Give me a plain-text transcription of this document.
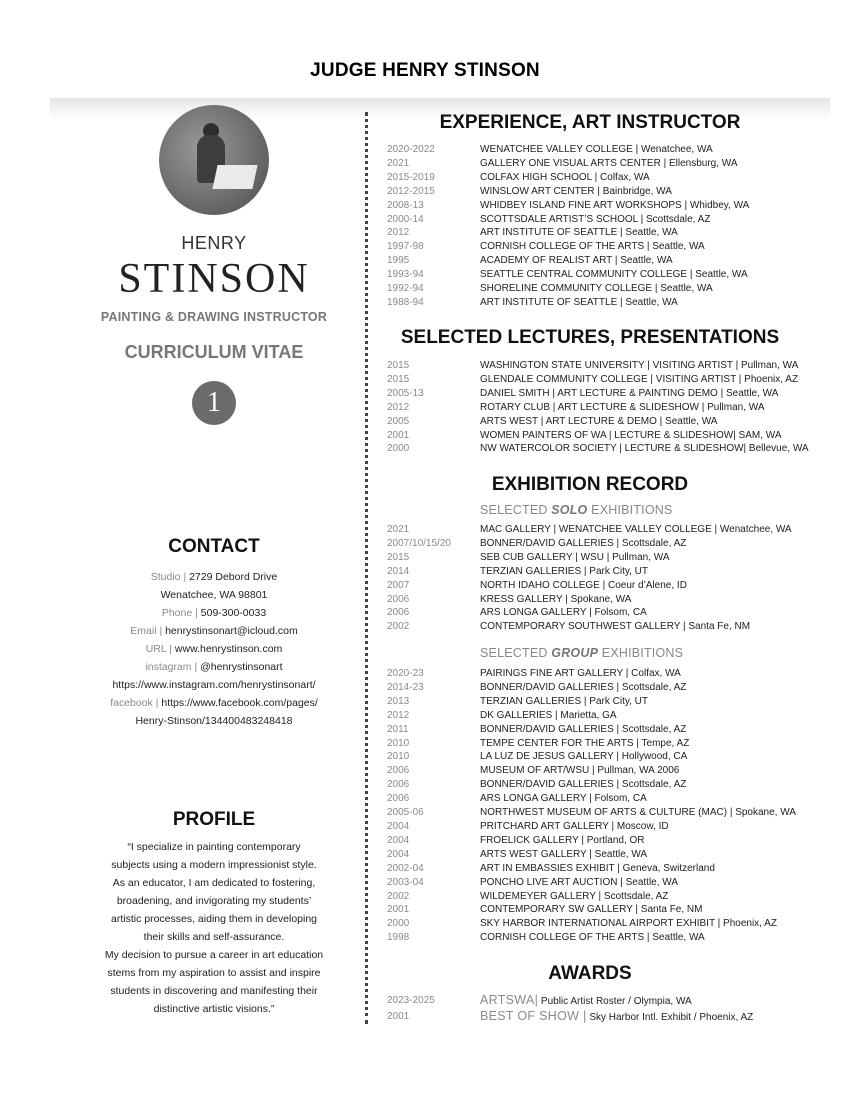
JUDGE HENRY STINSON
HENRY
STINSON
PAINTING & DRAWING INSTRUCTOR
CURRICULUM VITAE
1
CONTACT
Studio | 2729 Debord Drive
Wenatchee, WA 98801
Phone | 509-300-0033
Email | henrystinsonart@icloud.com
URL | www.henrystinson.com
instagram | @henrystinsonart
https://www.instagram.com/henrystinsonart/
facebook | https://www.facebook.com/pages/
Henry-Stinson/134400483248418
PROFILE
“I specialize in painting contemporary
subjects using a modern impressionist style.
As an educator, I am dedicated to fostering,
broadening, and invigorating my students’
artistic processes, aiding them in developing
their skills and self-assurance.
My decision to pursue a career in art education
stems from my aspiration to assist and inspire
students in discovering and manifesting their
distinctive artistic visions.”
EXPERIENCE, ART INSTRUCTOR
2020-2022	WENATCHEE VALLEY COLLEGE | Wenatchee, WA
2021	GALLERY ONE VISUAL ARTS CENTER | Ellensburg, WA
2015-2019	COLFAX HIGH SCHOOL | Colfax, WA
2012-2015	WINSLOW ART CENTER | Bainbridge, WA
2008-13	WHIDBEY ISLAND FINE ART WORKSHOPS | Whidbey, WA
2000-14	SCOTTSDALE ARTIST’S SCHOOL | Scottsdale, AZ
2012	ART INSTITUTE OF SEATTLE | Seattle, WA
1997-98	CORNISH COLLEGE OF THE ARTS | Seattle, WA
1995	ACADEMY OF REALIST ART | Seattle, WA
1993-94	SEATTLE CENTRAL COMMUNITY COLLEGE | Seattle, WA
1992-94	SHORELINE COMMUNITY COLLEGE | Seattle, WA
1988-94	ART INSTITUTE OF SEATTLE | Seattle, WA
SELECTED LECTURES, PRESENTATIONS
2015	WASHINGTON STATE UNIVERSITY | VISITING ARTIST | Pullman, WA
2015	GLENDALE COMMUNITY COLLEGE | VISITING ARTIST | Phoenix, AZ
2005-13	DANIEL SMITH | ART LECTURE & PAINTING DEMO | Seattle, WA
2012	ROTARY CLUB | ART LECTURE & SLIDESHOW | Pullman, WA
2005	ARTS WEST | ART LECTURE & DEMO | Seattle, WA
2001	WOMEN PAINTERS OF WA | LECTURE & SLIDESHOW| SAM, WA
2000	NW WATERCOLOR SOCIETY | LECTURE & SLIDESHOW| Bellevue, WA
EXHIBITION RECORD
SELECTED SOLO EXHIBITIONS
2021	MAC GALLERY | WENATCHEE VALLEY COLLEGE | Wenatchee, WA
2007/10/15/20	BONNER/DAVID GALLERIES | Scottsdale, AZ
2015	SEB CUB GALLERY | WSU | Pullman, WA
2014	TERZIAN GALLERIES | Park City, UT
2007	NORTH IDAHO COLLEGE | Coeur d’Alene, ID
2006	KRESS GALLERY | Spokane, WA
2006	ARS LONGA GALLERY | Folsom, CA
2002	CONTEMPORARY SOUTHWEST GALLERY | Santa Fe, NM
SELECTED GROUP EXHIBITIONS
2020-23	PAIRINGS FINE ART GALLERY | Colfax, WA
2014-23	BONNER/DAVID GALLERIES | Scottsdale, AZ
2013	TERZIAN GALLERIES | Park City, UT
2012	DK GALLERIES | Marietta, GA
2011	BONNER/DAVID GALLERIES | Scottsdale, AZ
2010	TEMPE CENTER FOR THE ARTS | Tempe, AZ
2010	LA LUZ DE JESUS GALLERY | Hollywood, CA
2006	MUSEUM OF ART/WSU | Pullman, WA 2006
2006	BONNER/DAVID GALLERIES | Scottsdale, AZ
2006	ARS LONGA GALLERY | Folsom, CA
2005-06	NORTHWEST MUSEUM OF ARTS & CULTURE (MAC) | Spokane, WA
2004	PRITCHARD ART GALLERY | Moscow, ID
2004	FROELICK GALLERY | Portland, OR
2004	ARTS WEST GALLERY | Seattle, WA
2002-04	ART IN EMBASSIES EXHIBIT | Geneva, Switzerland
2003-04	PONCHO LIVE ART AUCTION | Seattle, WA
2002	WILDEMEYER GALLERY | Scottsdale, AZ
2001	CONTEMPORARY SW GALLERY | Santa Fe, NM
2000	SKY HARBOR INTERNATIONAL AIRPORT EXHIBIT | Phoenix, AZ
1998	CORNISH COLLEGE OF THE ARTS | Seattle, WA
AWARDS
2023-2025	ARTSWA| Public Artist Roster / Olympia, WA
2001	BEST OF SHOW | Sky Harbor Intl. Exhibit / Phoenix, AZ
